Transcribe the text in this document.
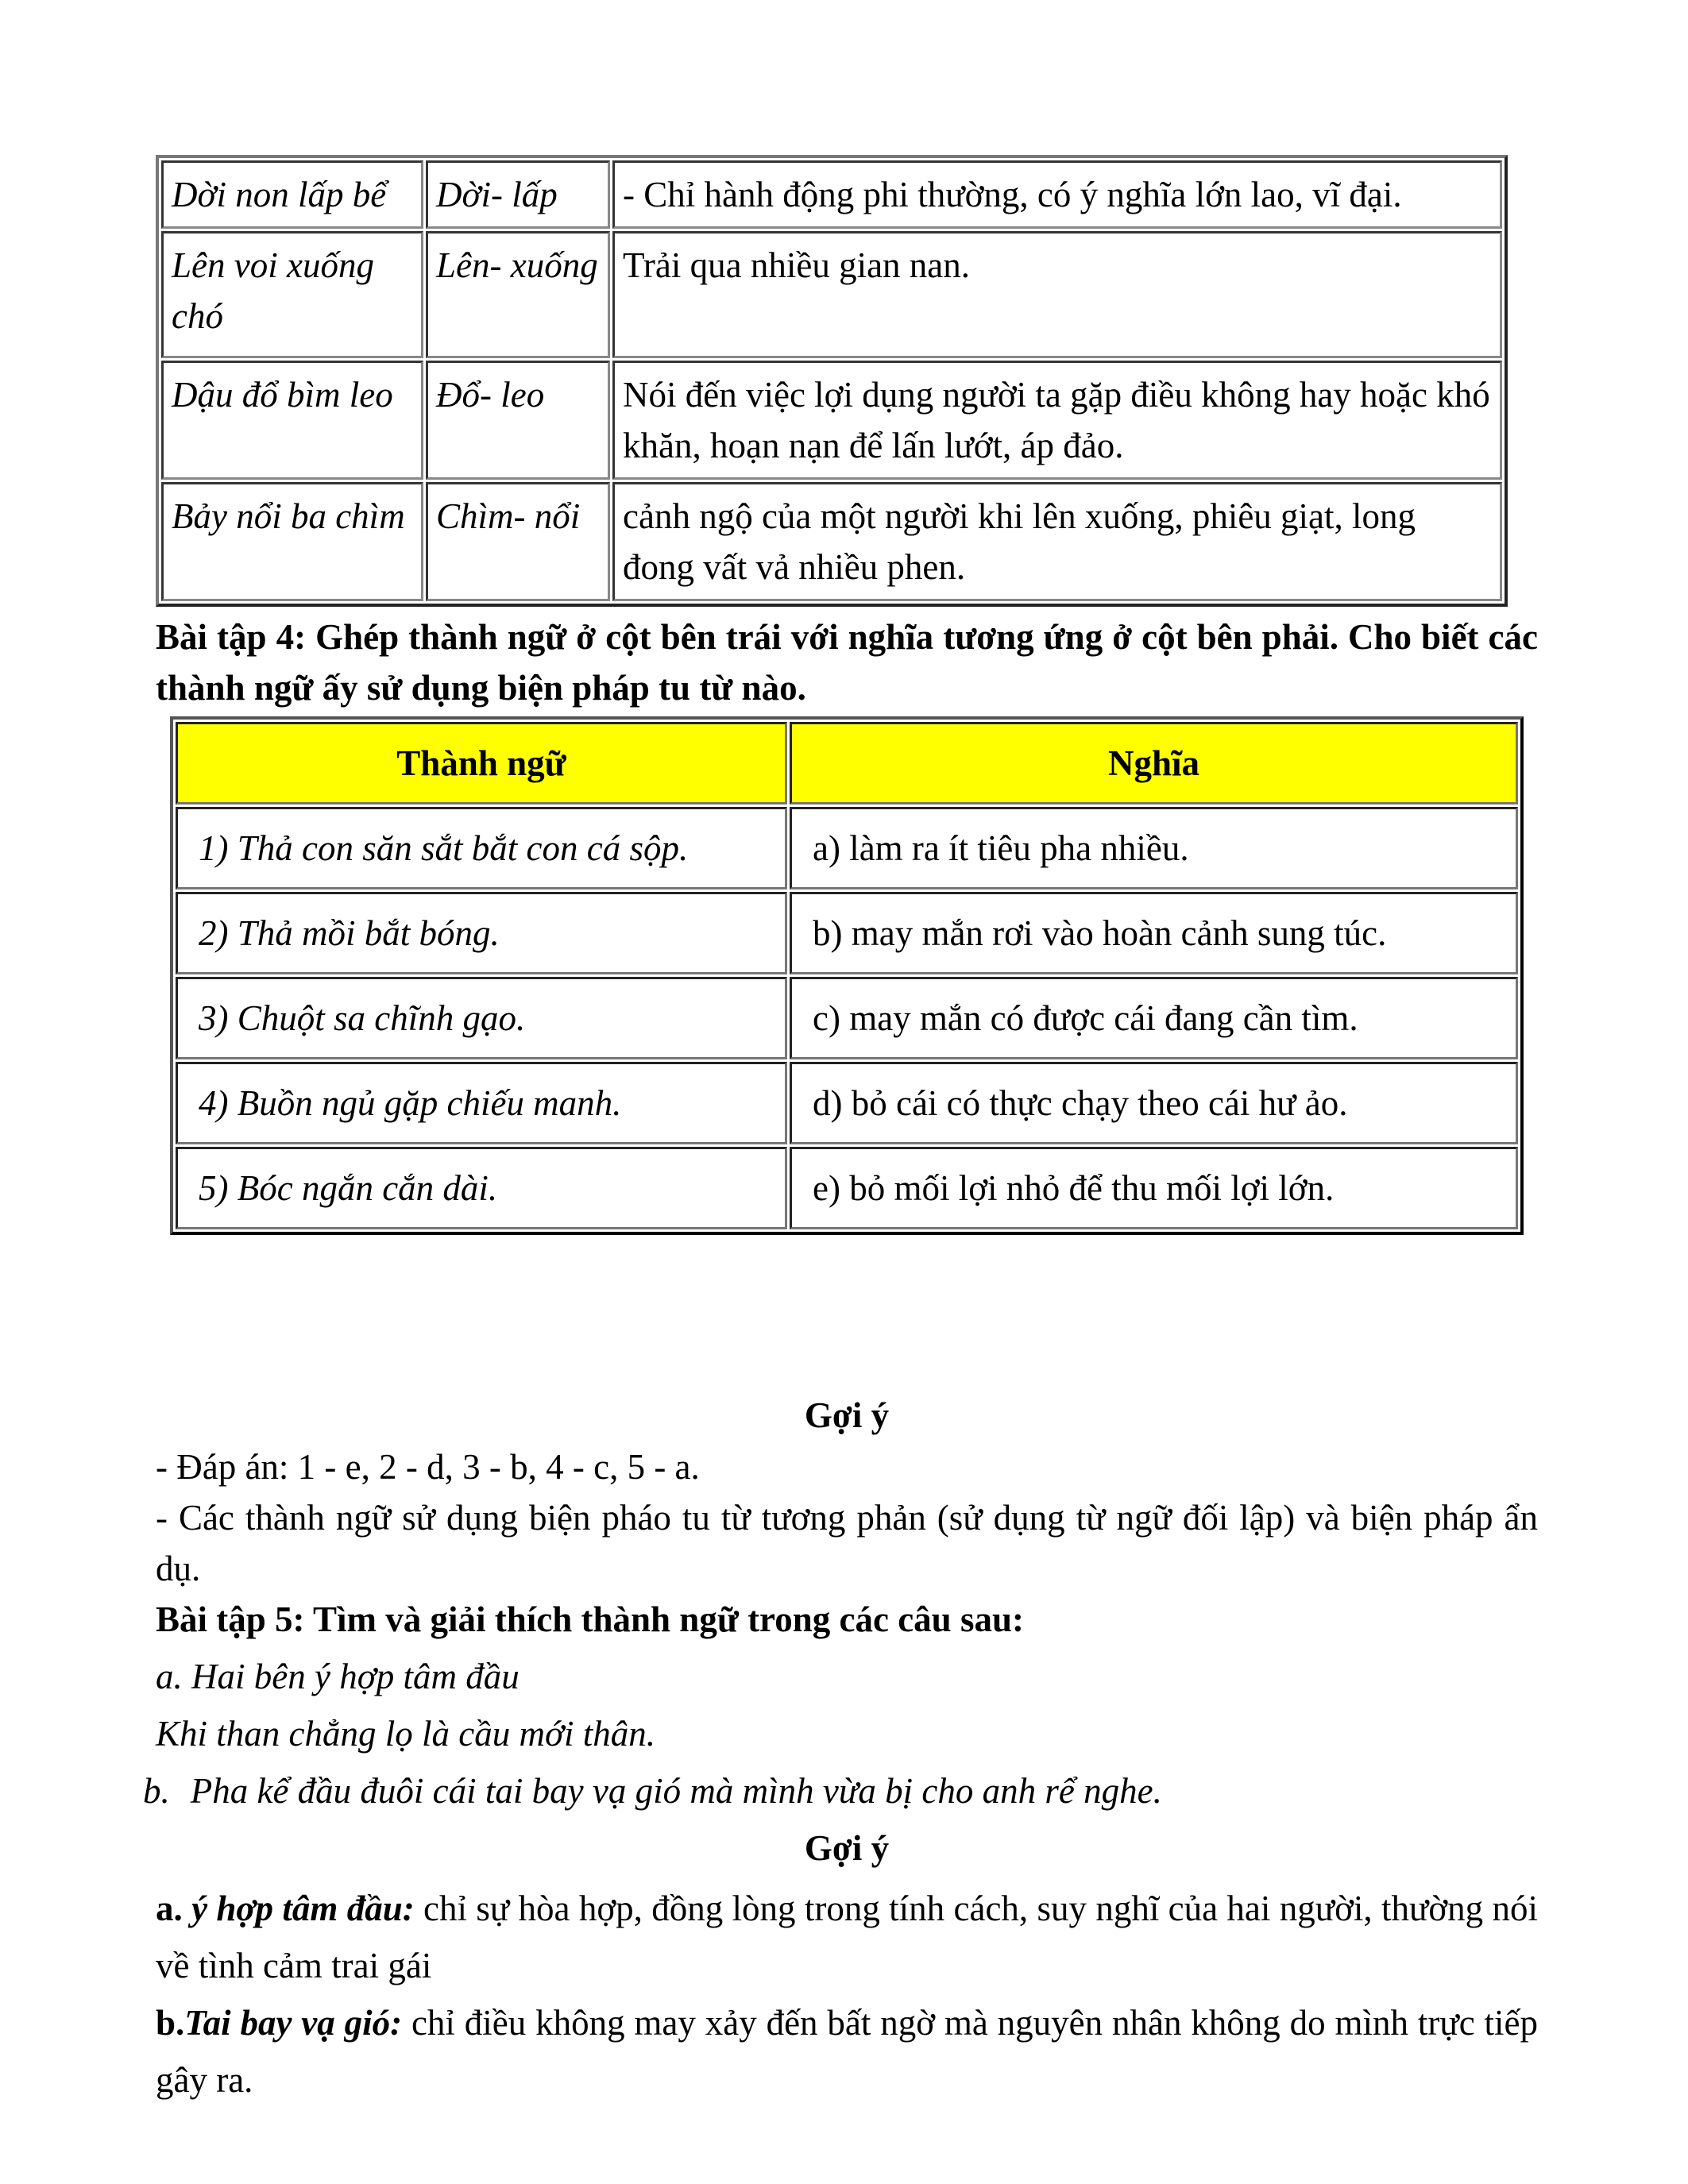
Dời non lấp bể	Dời- lấp	- Chỉ hành động phi thường, có ý nghĩa lớn lao, vĩ đại.
Lên voi xuống chó	Lên- xuống	Trải qua nhiều gian nan.
Dậu đổ bìm leo	Đổ- leo	Nói đến việc lợi dụng người ta gặp điều không hay hoặc khó khăn, hoạn nạn để lấn lướt, áp đảo.
Bảy nổi ba chìm	Chìm- nổi	cảnh ngộ của một người khi lên xuống, phiêu giạt, long đong vất vả nhiều phen.
Bài tập 4: Ghép thành ngữ ở cột bên trái với nghĩa tương ứng ở cột bên phải. Cho biết các thành ngữ ấy sử dụng biện pháp tu từ nào.
Thành ngữ	Nghĩa
1) Thả con săn sắt bắt con cá sộp.	a) làm ra ít tiêu pha nhiều.
2) Thả mồi bắt bóng.	b) may mắn rơi vào hoàn cảnh sung túc.
3) Chuột sa chĩnh gạo.	c) may mắn có được cái đang cần tìm.
4) Buồn ngủ gặp chiếu manh.	d) bỏ cái có thực chạy theo cái hư ảo.
5) Bóc ngắn cắn dài.	e) bỏ mối lợi nhỏ để thu mối lợi lớn.
Gợi ý
- Đáp án: 1 - e, 2 - d, 3 - b, 4 - c, 5 - a.
- Các thành ngữ sử dụng biện pháo tu từ tương phản (sử dụng từ ngữ đối lập) và biện pháp ẩn dụ.
Bài tập 5: Tìm và giải thích thành ngữ trong các câu sau:
a. Hai bên ý hợp tâm đầu
Khi than chẳng lọ là cầu mới thân.
b. Pha kể đầu đuôi cái tai bay vạ gió mà mình vừa bị cho anh rể nghe.
Gợi ý
a. ý hợp tâm đầu: chỉ sự hòa hợp, đồng lòng trong tính cách, suy nghĩ của hai người, thường nói về tình cảm trai gái
b.Tai bay vạ gió: chỉ điều không may xảy đến bất ngờ mà nguyên nhân không do mình trực tiếp gây ra.
